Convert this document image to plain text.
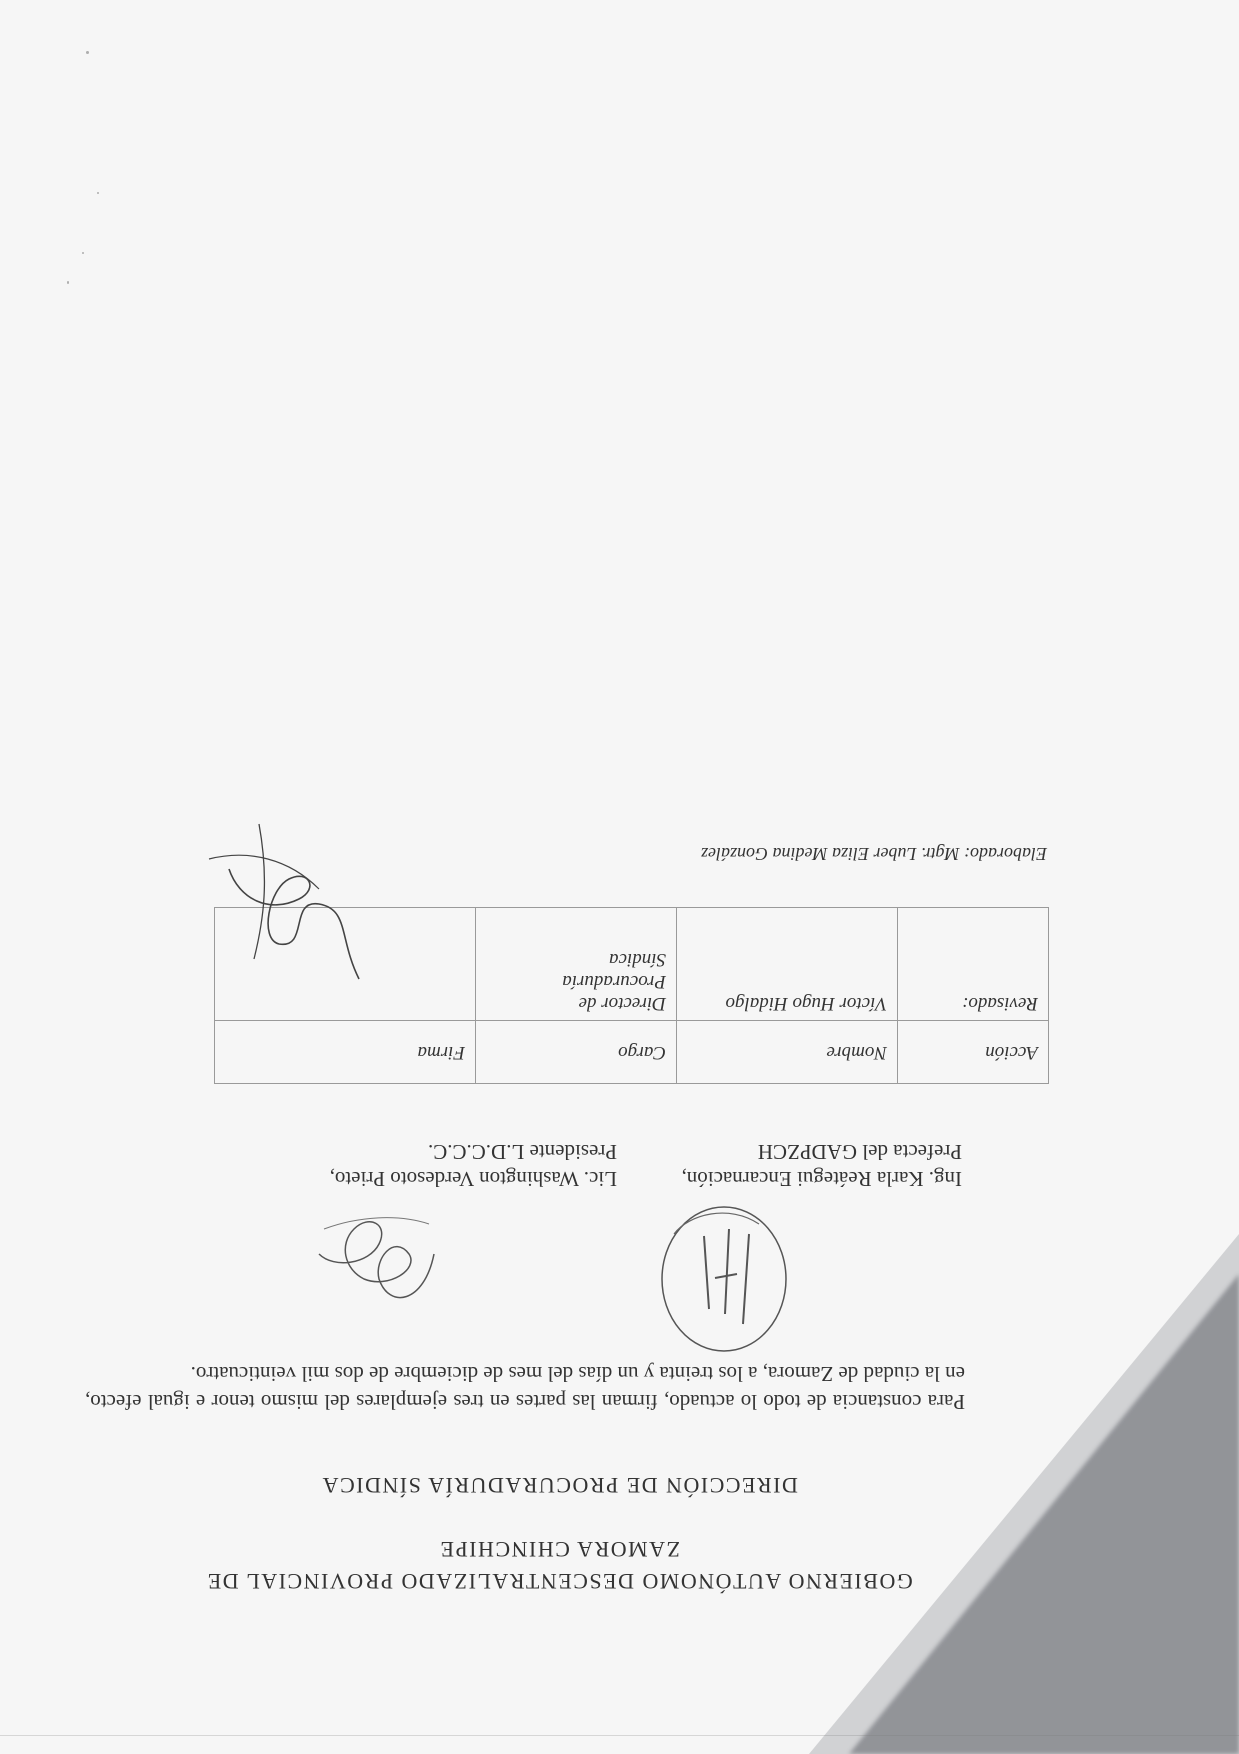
GOBIERNO AUTÓNOMO DESCENTRALIZADO PROVINCIAL DE
ZAMORA CHINCHIPE
DIRECCIÓN DE PROCURADURÍA SÍNDICA
Para constancia de todo lo actuado, firman las partes en tres ejemplares del mismo tenor e igual efecto, en la ciudad de Zamora, a los treinta y un días del mes de diciembre de dos mil veinticuatro.
Ing. Karla Reátegui Encarnación,
Prefecta del GADPZCH
Lic. Washington Verdesoto Prieto,
Presidente L.D.C.C.C.
Acción	Nombre	Cargo	Firma
Revisado:	Víctor Hugo Hidalgo	Director de
Procuraduría
Síndica	

Elaborado: Mgtr. Luber Eliza Medina González
